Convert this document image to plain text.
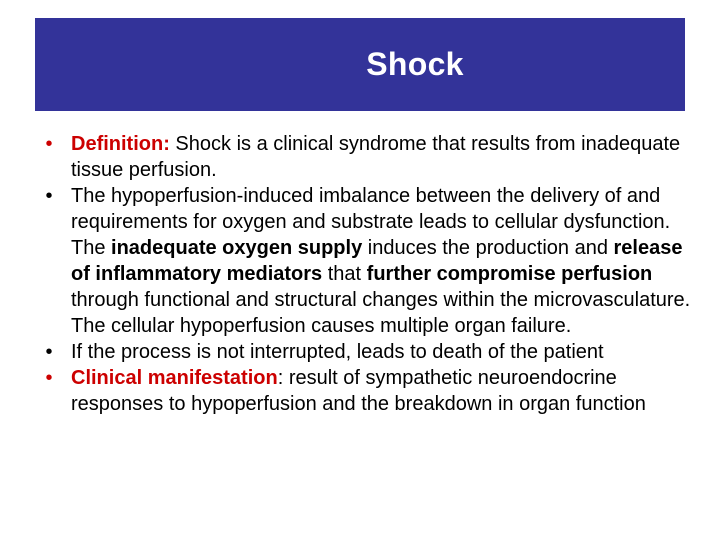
Shock

• Definition: Shock is a clinical syndrome that results from inadequate tissue perfusion.

• The hypoperfusion-induced imbalance between the delivery of and requirements for oxygen and substrate leads to cellular dysfunction. The inadequate oxygen supply induces the production and release of inflammatory mediators that further compromise perfusion through functional and structural changes within the microvasculature. The cellular hypoperfusion causes multiple organ failure.

• If the process is not interrupted, leads to death of the patient

• Clinical manifestation: result of sympathetic neuroendocrine responses to hypoperfusion and the breakdown in organ function
